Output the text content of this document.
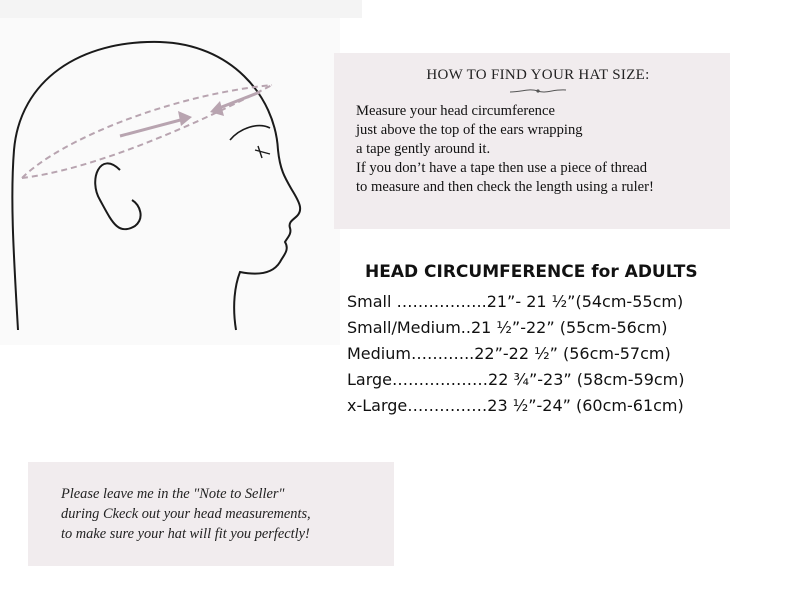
HOW TO FIND YOUR HAT SIZE:
Measure your head circumference
just above the top of the ears wrapping
a tape gently around it.
If you don’t have a tape then use a piece of thread
to measure and then check the length using a ruler!
HEAD CIRCUMFERENCE for ADULTS
Small ……………..21”- 21 ½”(54cm-55cm)
Small/Medium..21 ½”-22” (55cm-56cm)
Medium…….…..22”-22 ½” (56cm-57cm)
Large………………22 ¾”-23” (58cm-59cm)
x-Large……………23 ½”-24” (60cm-61cm)
Please leave me in the "Note to Seller"
during Ckeck out your head measurements,
to make sure your hat will fit you perfectly!
